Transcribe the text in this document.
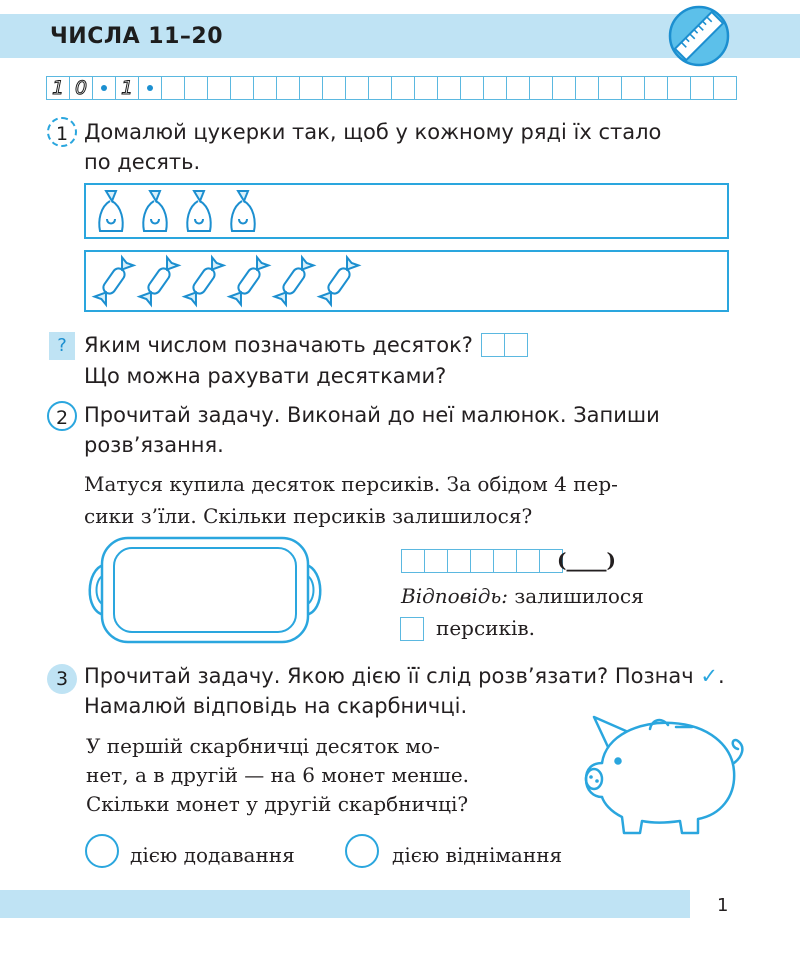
ЧИСЛА 11–20
1 0	1
1 Домалюй цукерки так, щоб у кожному ряді їх стало
по десять.
? Яким числом позначають десяток?
Що можна рахувати десятками?
2 Прочитай задачу. Виконай до неї малюнок. Запиши
розв’язання.
Матуся купила десяток персиків. За обідом 4 пер-
сики з’їли. Скільки персиків залишилося?
(____)
Відповідь: залишилося
персиків.
3 Прочитай задачу. Якою дією її слід розв’язати? Познач ✓.
Намалюй відповідь на скарбничці.
У першій скарбничці десяток мо-
нет, а в другій — на 6 монет менше.
Скільки монет у другій скарбничці?
дією додавання	дією віднімання
1
